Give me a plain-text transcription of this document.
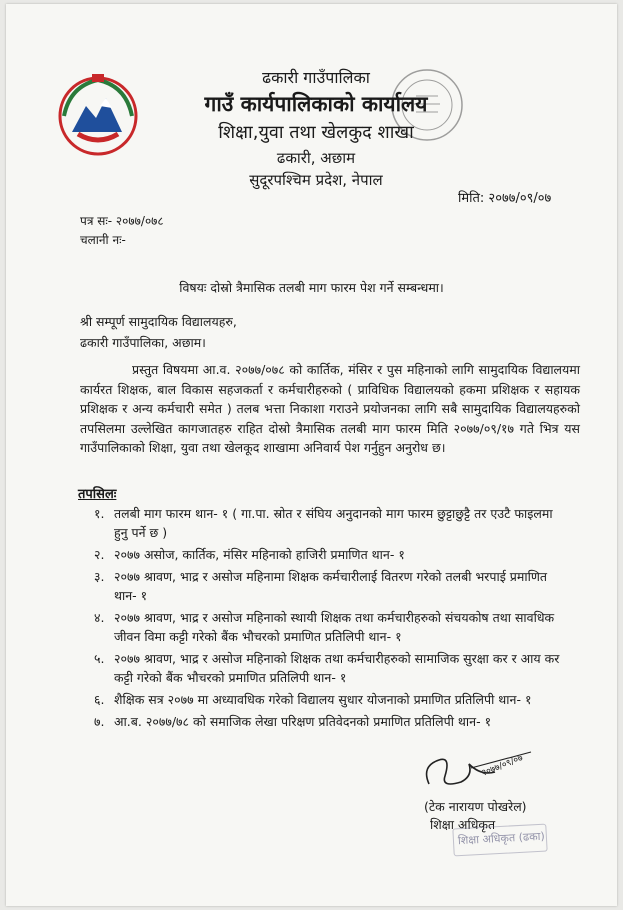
ढकारी गाउँपालिका
गाउँ कार्यपालिकाको कार्यालय
शिक्षा,युवा तथा खेलकुद शाखा
ढकारी, अछाम
सुदूरपश्चिम प्रदेश, नेपाल
मिति: २०७७/०९/०७
पत्र सः- २०७७/०७८
चलानी नः-
विषयः दोस्रो त्रैमासिक तलबी माग फारम पेश गर्ने सम्बन्धमा।
श्री सम्पूर्ण सामुदायिक विद्यालयहरु,
ढकारी गाउँपालिका, अछाम।
प्रस्तुत विषयमा आ.व. २०७७/०७८ को कार्तिक, मंसिर र पुस महिनाको लागि सामुदायिक विद्यालयमा कार्यरत शिक्षक, बाल विकास सहजकर्ता र कर्मचारीहरुको ( प्राविधिक विद्यालयको हकमा प्रशिक्षक र सहायक प्रशिक्षक र अन्य कर्मचारी समेत ) तलब भत्ता निकाशा गराउने प्रयोजनका लागि सबै सामुदायिक विद्यालयहरुको तपसिलमा उल्लेखित कागजातहरु राहित दोस्रो त्रैमासिक तलबी माग फारम मिति २०७७/०९/१७ गते भित्र यस गाउँपालिकाको शिक्षा, युवा तथा खेलकूद शाखामा अनिवार्य पेश गर्नुहुन अनुरोध छ।
तपसिलः
१. तलबी माग फारम थान- १ ( गा.पा. स्रोत र संघिय अनुदानको माग फारम छुट्टाछुट्टै तर एउटै फाइलमा हुनु पर्ने छ )
२. २०७७ असोज, कार्तिक, मंसिर महिनाको हाजिरी प्रमाणित थान- १
३. २०७७ श्रावण, भाद्र र असोज महिनामा शिक्षक कर्मचारीलाई वितरण गरेको तलबी भरपाई प्रमाणित थान- १
४. २०७७ श्रावण, भाद्र र असोज महिनाको स्थायी शिक्षक तथा कर्मचारीहरुको संचयकोष तथा सावधिक जीवन विमा कट्टी गरेको बैंक भौचरको प्रमाणित प्रतिलिपी थान- १
५. २०७७ श्रावण, भाद्र र असोज महिनाको शिक्षक तथा कर्मचारीहरुको सामाजिक सुरक्षा कर र आय कर कट्टी गरेको बैंक भौचरको प्रमाणित प्रतिलिपी थान- १
६. शैक्षिक सत्र २०७७ मा अध्यावधिक गरेको विद्यालय सुधार योजनाको प्रमाणित प्रतिलिपी थान- १
७. आ.ब. २०७७/७८ को समाजिक लेखा परिक्षण प्रतिवेदनको प्रमाणित प्रतिलिपी थान- १
२०७७/०९/०७
(टेक नारायण पोखरेल)
शिक्षा अधिकृत
शिक्षा अधिकृत (ढका)
